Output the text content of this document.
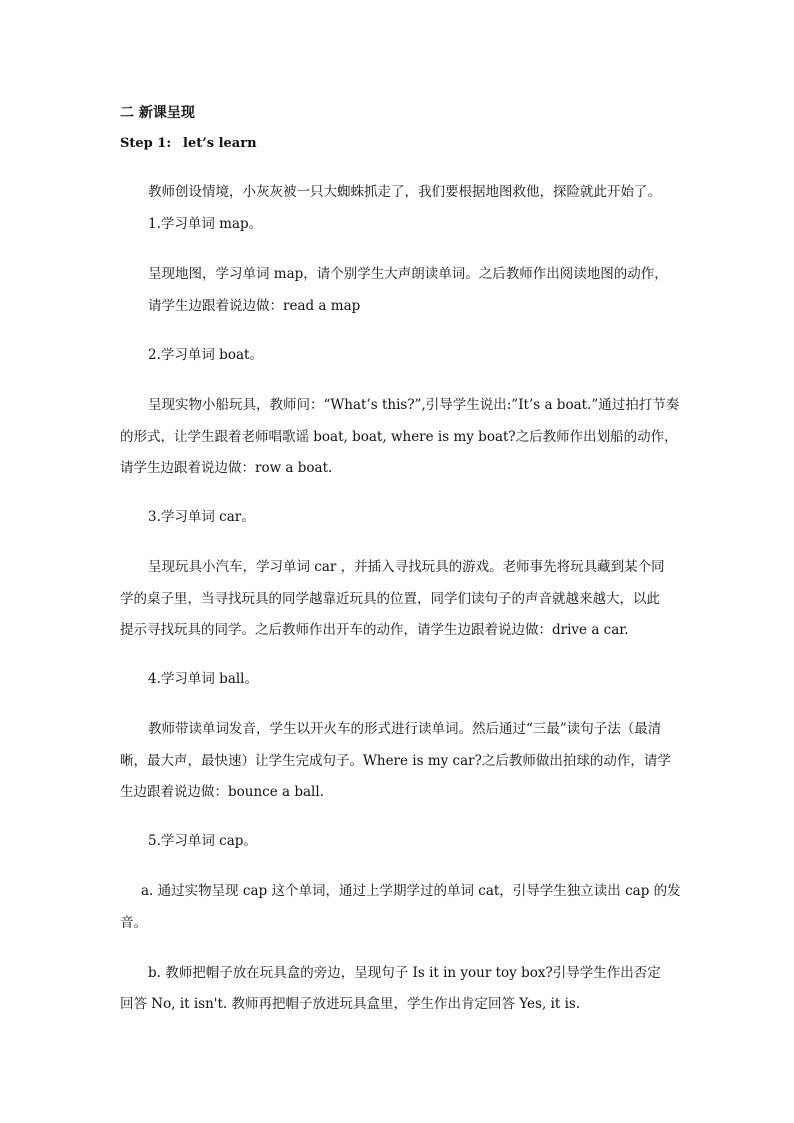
二 新课呈现
Step 1: let’s learn
教师创设情境，小灰灰被一只大蜘蛛抓走了，我们要根据地图救他，探险就此开始了。
1.学习单词 map。
呈现地图，学习单词 map，请个别学生大声朗读单词。之后教师作出阅读地图的动作，
请学生边跟着说边做：read a map
2.学习单词 boat。
呈现实物小船玩具，教师问：“What’s this?”,引导学生说出:”It’s a boat.”通过拍打节奏
的形式，让学生跟着老师唱歌谣 boat, boat, where is my boat?之后教师作出划船的动作，
请学生边跟着说边做：row a boat.
3.学习单词 car。
呈现玩具小汽车，学习单词 car ，并插入寻找玩具的游戏。老师事先将玩具藏到某个同
学的桌子里，当寻找玩具的同学越靠近玩具的位置，同学们读句子的声音就越来越大，以此
提示寻找玩具的同学。之后教师作出开车的动作，请学生边跟着说边做：drive a car.
4.学习单词 ball。
教师带读单词发音，学生以开火车的形式进行读单词。然后通过“三最”读句子法（最清
晰，最大声，最快速）让学生完成句子。Where is my car?之后教师做出拍球的动作，请学
生边跟着说边做：bounce a ball.
5.学习单词 cap。
a. 通过实物呈现 cap 这个单词，通过上学期学过的单词 cat，引导学生独立读出 cap 的发
音。
b. 教师把帽子放在玩具盒的旁边，呈现句子 Is it in your toy box?引导学生作出否定
回答 No, it isn't. 教师再把帽子放进玩具盒里，学生作出肯定回答 Yes, it is.
